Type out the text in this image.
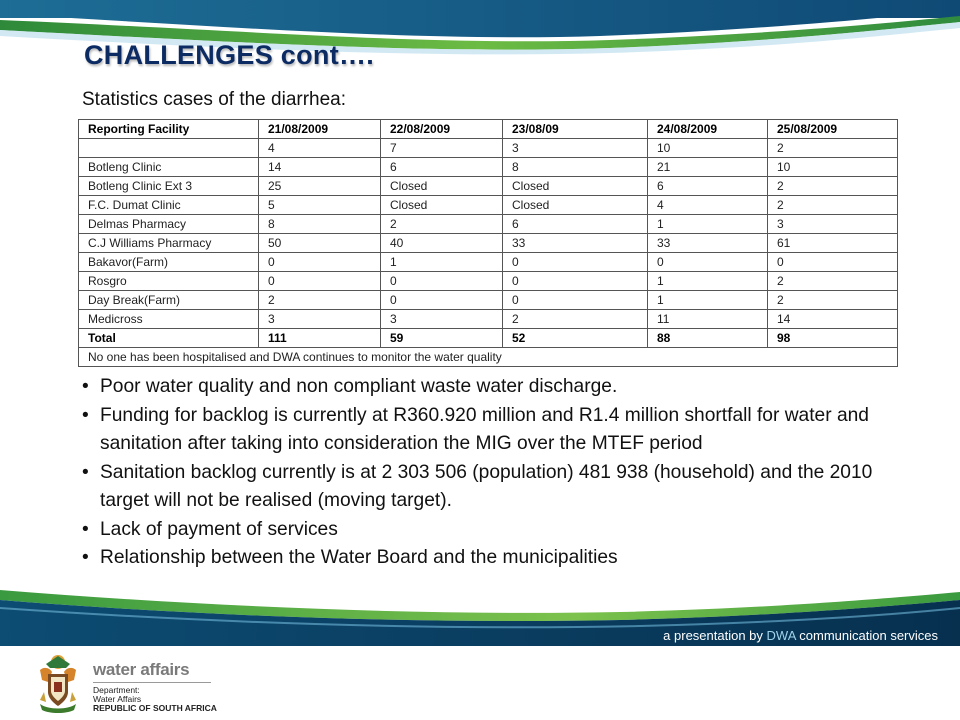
CHALLENGES cont….
Statistics cases of the diarrhea:
Reporting Facility	21/08/2009	22/08/2009	23/08/09	24/08/2009	25/08/2009
	4	7	3	10	2
Botleng Clinic	14	6	8	21	10
Botleng Clinic Ext 3	25	Closed	Closed	6	2
F.C. Dumat Clinic	5	Closed	Closed	4	2
Delmas Pharmacy	8	2	6	1	3
C.J Williams Pharmacy	50	40	33	33	61
Bakavor(Farm)	0	1	0	0	0
Rosgro	0	0	0	1	2
Day Break(Farm)	2	0	0	1	2
Medicross	3	3	2	11	14
Total	111	59	52	88	98
No one has been hospitalised and DWA continues to monitor the water quality					
• Poor water quality and non compliant waste water discharge.
• Funding for backlog is currently at R360.920 million and R1.4 million shortfall for water and sanitation after taking into consideration the MIG over the MTEF period
• Sanitation backlog currently is at 2 303 506 (population) 481 938 (household) and the 2010 target will not be realised (moving target).
• Lack of payment of services
• Relationship between the Water Board and the municipalities
a presentation by DWA communication services
water affairs
Department:
Water Affairs
REPUBLIC OF SOUTH AFRICA
